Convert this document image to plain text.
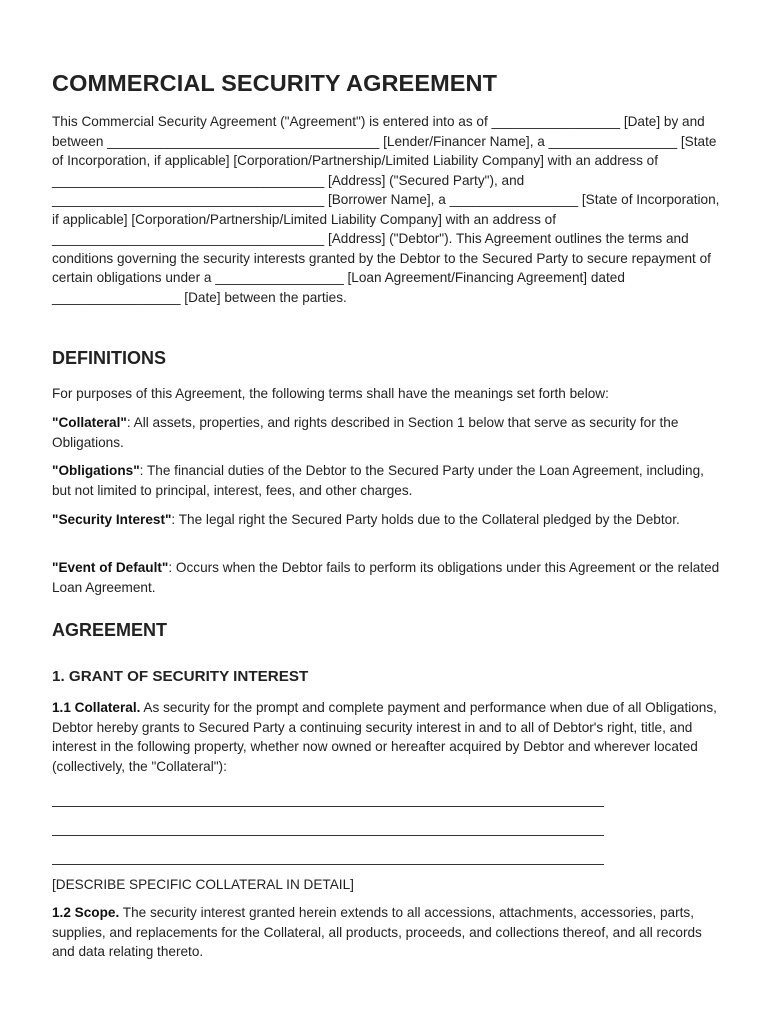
COMMERCIAL SECURITY AGREEMENT

This Commercial Security Agreement ("Agreement") is entered into as of _________________ [Date] by and between ____________________________________ [Lender/Financer Name], a _________________ [State of Incorporation, if applicable] [Corporation/Partnership/Limited Liability Company] with an address of ____________________________________ [Address] ("Secured Party"), and ____________________________________ [Borrower Name], a _________________ [State of Incorporation, if applicable] [Corporation/Partnership/Limited Liability Company] with an address of ____________________________________ [Address] ("Debtor"). This Agreement outlines the terms and conditions governing the security interests granted by the Debtor to the Secured Party to secure repayment of certain obligations under a _________________ [Loan Agreement/Financing Agreement] dated _________________ [Date] between the parties.

DEFINITIONS

For purposes of this Agreement, the following terms shall have the meanings set forth below:

"Collateral": All assets, properties, and rights described in Section 1 below that serve as security for the Obligations.

"Obligations": The financial duties of the Debtor to the Secured Party under the Loan Agreement, including, but not limited to principal, interest, fees, and other charges.

"Security Interest": The legal right the Secured Party holds due to the Collateral pledged by the Debtor.

"Event of Default": Occurs when the Debtor fails to perform its obligations under this Agreement or the related Loan Agreement.

AGREEMENT
1. GRANT OF SECURITY INTEREST

1.1 Collateral. As security for the prompt and complete payment and performance when due of all Obligations, Debtor hereby grants to Secured Party a continuing security interest in and to all of Debtor's right, title, and interest in the following property, whether now owned or hereafter acquired by Debtor and wherever located (collectively, the "Collateral"):

[DESCRIBE SPECIFIC COLLATERAL IN DETAIL]

1.2 Scope. The security interest granted herein extends to all accessions, attachments, accessories, parts, supplies, and replacements for the Collateral, all products, proceeds, and collections thereof, and all records and data relating thereto.
